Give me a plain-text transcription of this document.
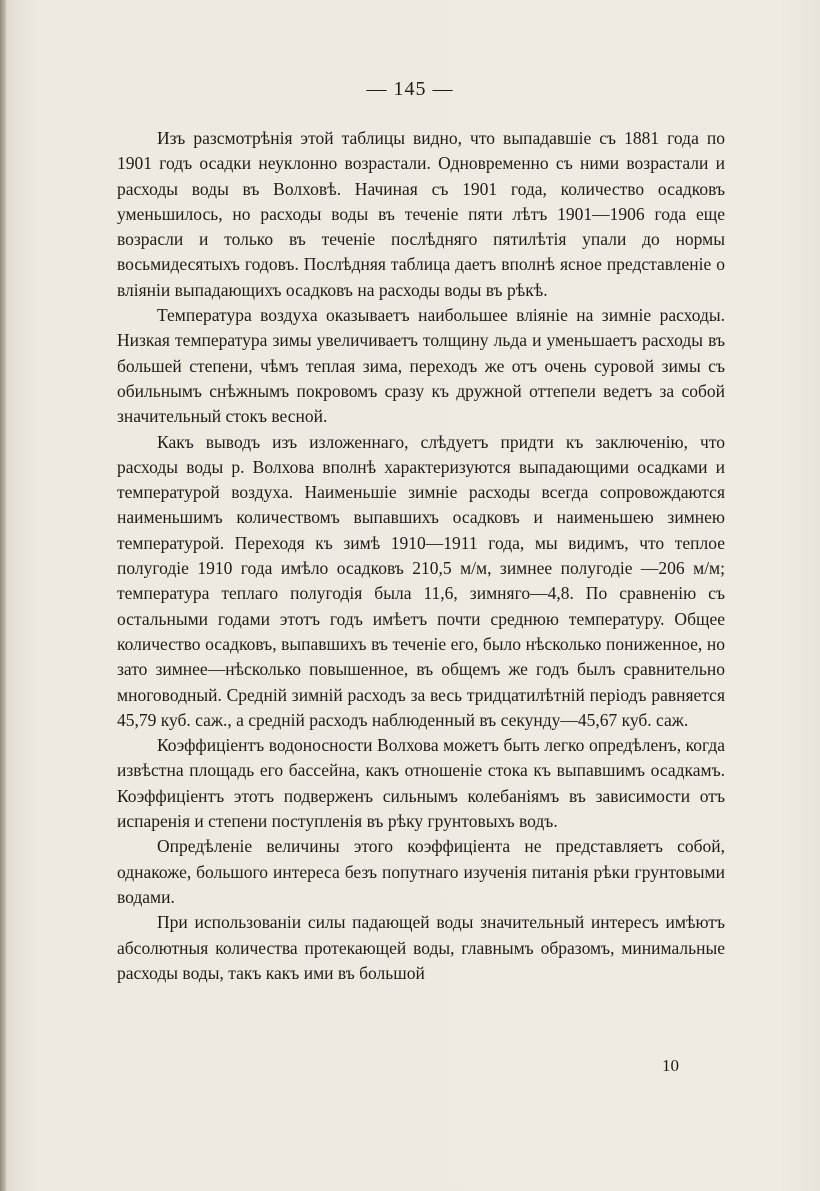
— 145 —

Изъ разсмотрѣнія этой таблицы видно, что выпадавшіе съ 1881 года по 1901 годъ осадки неуклонно возрастали. Одновременно съ ними возрастали и расходы воды въ Волховѣ. Начиная съ 1901 года, количество осадковъ уменьшилось, но расходы воды въ теченіе пяти лѣтъ 1901—1906 года еще возрасли и только въ теченіе послѣдняго пятилѣтія упали до нормы восьмидесятыхъ годовъ. Послѣдняя таблица даетъ вполнѣ ясное представленіе о вліяніи выпадающихъ осадковъ на расходы воды въ рѣкѣ.

Температура воздуха оказываетъ наибольшее вліяніе на зимніе расходы. Низкая температура зимы увеличиваетъ толщину льда и уменьшаетъ расходы въ большей степени, чѣмъ теплая зима, переходъ же отъ очень суровой зимы съ обильнымъ снѣжнымъ покровомъ сразу къ дружной оттепели ведетъ за собой значительный стокъ весной.

Какъ выводъ изъ изложеннаго, слѣдуетъ придти къ заключенію, что расходы воды р. Волхова вполнѣ характеризуются выпадающими осадками и температурой воздуха. Наименьшіе зимніе расходы всегда сопровождаются наименьшимъ количествомъ выпавшихъ осадковъ и наименьшею зимнею температурой. Переходя къ зимѣ 1910—1911 года, мы видимъ, что теплое полугодіе 1910 года имѣло осадковъ 210,5 м/м, зимнее полугодіе —206 м/м; температура теплаго полугодія была 11,6, зимняго—4,8. По сравненію съ остальными годами этотъ годъ имѣетъ почти среднюю температуру. Общее количество осадковъ, выпавшихъ въ теченіе его, было нѣсколько пониженное, но зато зимнее—нѣсколько повышенное, въ общемъ же годъ былъ сравнительно многоводный. Среднiй зимнiй расходъ за весь тридцатилѣтнiй періодъ равняется 45,79 куб. саж., а среднiй расходъ наблюденный въ секунду—45,67 куб. саж.

Коэффиціентъ водоносности Волхова можетъ быть легко опредѣленъ, когда извѣстна площадь его бассейна, какъ отношеніе стока къ выпавшимъ осадкамъ. Коэффиціентъ этотъ подверженъ сильнымъ колебаніямъ въ зависимости отъ испаренія и степени поступленія въ рѣку грунтовыхъ водъ.

Опредѣленіе величины этого коэффиціента не представляетъ собой, однакоже, большого интереса безъ попутнаго изученія питанія рѣки грунтовыми водами.

При использованіи силы падающей воды значительный интересъ имѣютъ абсолютныя количества протекающей воды, главнымъ образомъ, минимальные расходы воды, такъ какъ ими въ большой

10
